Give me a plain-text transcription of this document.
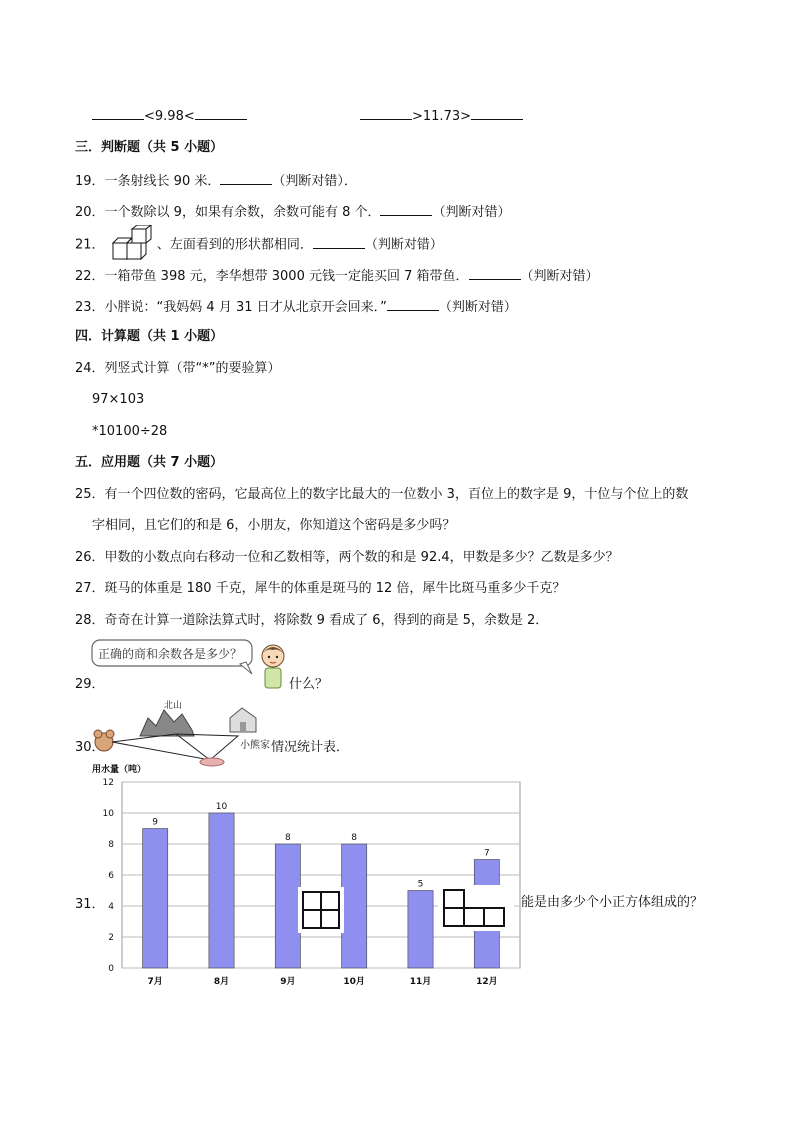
<9.98<	>11.73>
三．判断题（共 5 小题）
19．一条射线长 90 米．	（判断对错）．
20．一个数除以 9，如果有余数，余数可能有 8 个．	（判断对错）
21．	、左面看到的形状都相同．	（判断对错）
22．一箱带鱼 398 元，李华想带 3000 元钱一定能买回 7 箱带鱼．	（判断对错）
23．小胖说：“我妈妈 4 月 31 日才从北京开会回来．”	（判断对错）
四．计算题（共 1 小题）
24．列竖式计算（带“*”的要验算）
97×103
*10100÷28
五．应用题（共 7 小题）
25．有一个四位数的密码，它最高位上的数字比最大的一位数小 3，百位上的数字是 9，十位与个位上的数
字相同，且它们的和是 6，小朋友，你知道这个密码是多少吗？
26．甲数的小数点向右移动一位和乙数相等，两个数的和是 92.4，甲数是多少？乙数是多少？
27．斑马的体重是 180 千克，犀牛的体重是斑马的 12 倍，犀牛比斑马重多少千克？
28．奇奇在计算一道除法算式时，将除数 9 看成了 6，得到的商是 5，余数是 2．
正确的商和余数各是多少？
29．	什么？
北山
小熊家
30．	情况统计表．
用水量（吨）
0
2
4
6
8
10
12
9
7月
10
8月
8
9月
8
10月
5
11月
7
12月
31．	能是由多少个小正方体组成的？
